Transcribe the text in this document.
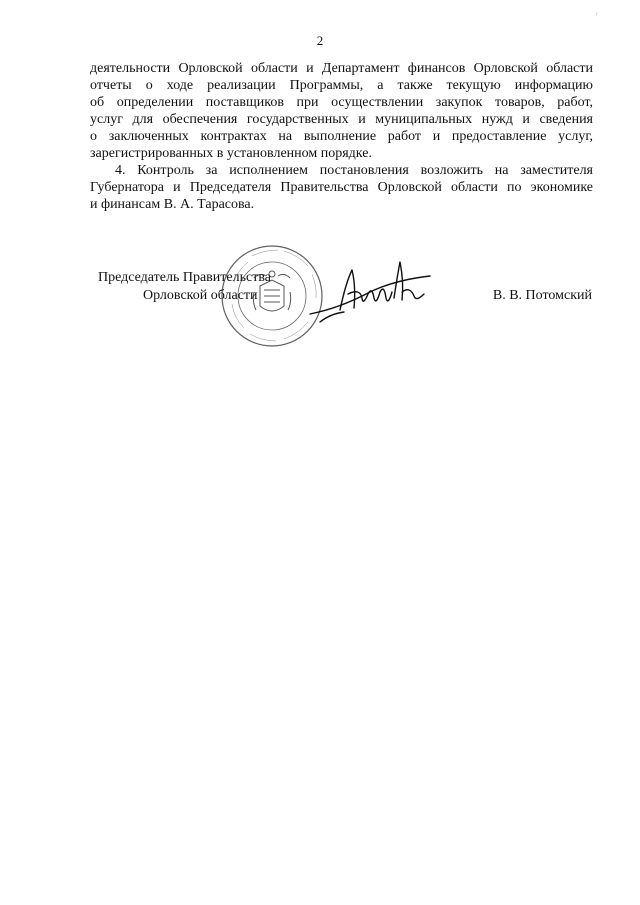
·
2
деятельности Орловской области и Департамент финансов Орловской области
отчеты о ходе реализации Программы, а также текущую информацию
об определении поставщиков при осуществлении закупок товаров, работ,
услуг для обеспечения государственных и муниципальных нужд и сведения
о заключенных контрактах на выполнение работ и предоставление услуг,
зарегистрированных в установленном порядке.
4. Контроль за исполнением постановления возложить на заместителя
Губернатора и Председателя Правительства Орловской области по экономике
и финансам В. А. Тарасова.
Председатель Правительства
Орловской области	В. В. Потомский
